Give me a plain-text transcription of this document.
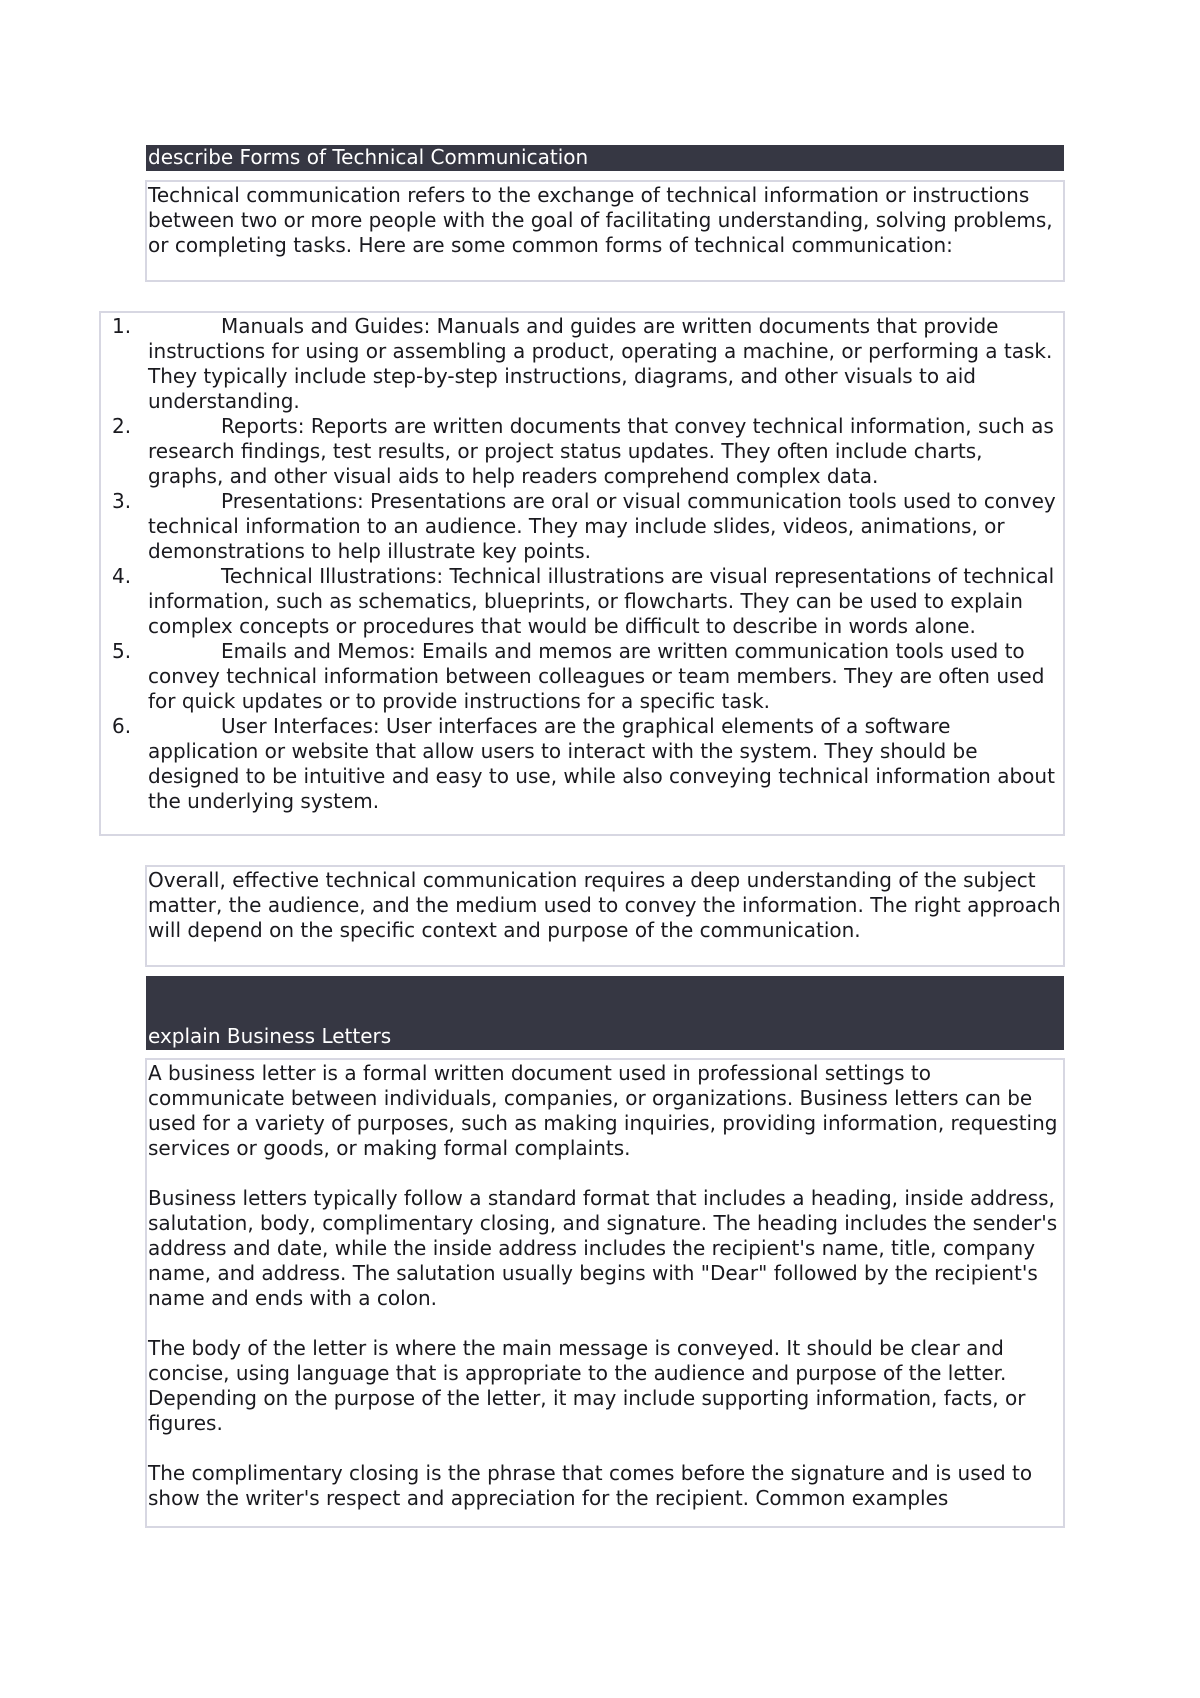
describe Forms of Technical Communication

Technical communication refers to the exchange of technical information or instructions between two or more people with the goal of facilitating understanding, solving problems, or completing tasks. Here are some common forms of technical communication:

1.	Manuals and Guides: Manuals and guides are written documents that provide instructions for using or assembling a product, operating a machine, or performing a task. They typically include step-by-step instructions, diagrams, and other visuals to aid understanding.
2.	Reports: Reports are written documents that convey technical information, such as research findings, test results, or project status updates. They often include charts, graphs, and other visual aids to help readers comprehend complex data.
3.	Presentations: Presentations are oral or visual communication tools used to convey technical information to an audience. They may include slides, videos, animations, or demonstrations to help illustrate key points.
4.	Technical Illustrations: Technical illustrations are visual representations of technical information, such as schematics, blueprints, or flowcharts. They can be used to explain complex concepts or procedures that would be difficult to describe in words alone.
5.	Emails and Memos: Emails and memos are written communication tools used to convey technical information between colleagues or team members. They are often used for quick updates or to provide instructions for a specific task.
6.	User Interfaces: User interfaces are the graphical elements of a software application or website that allow users to interact with the system. They should be designed to be intuitive and easy to use, while also conveying technical information about the underlying system.

Overall, effective technical communication requires a deep understanding of the subject matter, the audience, and the medium used to convey the information. The right approach will depend on the specific context and purpose of the communication.

explain Business Letters

A business letter is a formal written document used in professional settings to communicate between individuals, companies, or organizations. Business letters can be used for a variety of purposes, such as making inquiries, providing information, requesting services or goods, or making formal complaints.

Business letters typically follow a standard format that includes a heading, inside address, salutation, body, complimentary closing, and signature. The heading includes the sender's address and date, while the inside address includes the recipient's name, title, company name, and address. The salutation usually begins with "Dear" followed by the recipient's name and ends with a colon.

The body of the letter is where the main message is conveyed. It should be clear and concise, using language that is appropriate to the audience and purpose of the letter. Depending on the purpose of the letter, it may include supporting information, facts, or figures.

The complimentary closing is the phrase that comes before the signature and is used to show the writer's respect and appreciation for the recipient. Common examples
